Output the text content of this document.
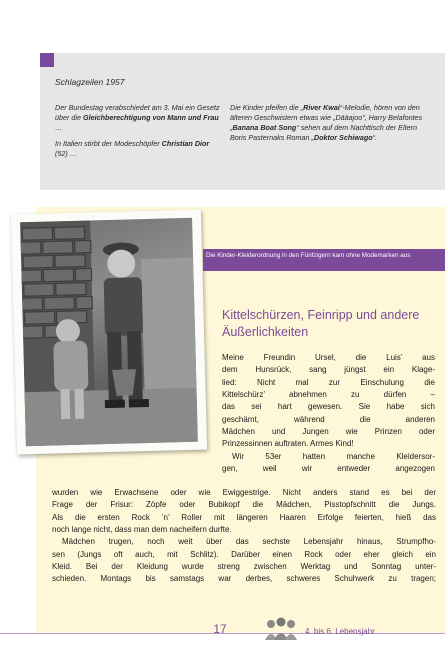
Schlagzeilen 1957

Der Bundestag verabschiedet am 3. Mai ein Gesetz über die Gleichberechtigung von Mann und Frau …

In Italien stirbt der Modeschöpfer Christian Dior (52) …

Die Kinder pfeifen die „River Kwai“-Melodie, hören von den älteren Geschwistern etwas wie „Dääajoo“, Harry Belafontes „Banana Boat Song“ sehen auf dem Nachttisch der Eltern Boris Pasternaks Roman „Doktor Schiwago“.

Die Kinder-Kleiderordnung in den Fünfzigern kam ohne Modemarken aus
Kittelschürzen, Feinripp und andere Äußerlichkeiten
Meine Freundin Ursel, die Luis’ aus
dem Hunsrück, sang jüngst ein Klage-
lied: Nicht mal zur Einschulung die
Kittelschürz’ abnehmen zu dürfen –
das sei hart gewesen. Sie habe sich
geschämt, während die anderen
Mädchen und Jungen wie Prinzen oder
Prinzessinnen auftraten. Armes Kind!
Wir 53er hatten manche Kleidersor-
gen, weil wir entweder angezogen
wurden wie Erwachsene oder wie Ewiggestrige. Nicht anders stand es bei der
Frage der Frisur: Zöpfe oder Bubikopf die Mädchen, Pisstopfschnitt die Jungs.
Als die ersten Rock ’n’ Roller mit längeren Haaren Erfolge feierten, hieß das
noch lange nicht, dass man dem nacheifern durfte.
Mädchen trugen, noch weit über das sechste Lebensjahr hinaus, Strumpfho-
sen (Jungs oft auch, mit Schlitz). Darüber einen Rock oder eher gleich ein
Kleid. Bei der Kleidung wurde streng zwischen Werktag und Sonntag unter-
schieden. Montags bis samstags war derbes, schweres Schuhwerk zu tragen;
17	4. bis 6. Lebensjahr
